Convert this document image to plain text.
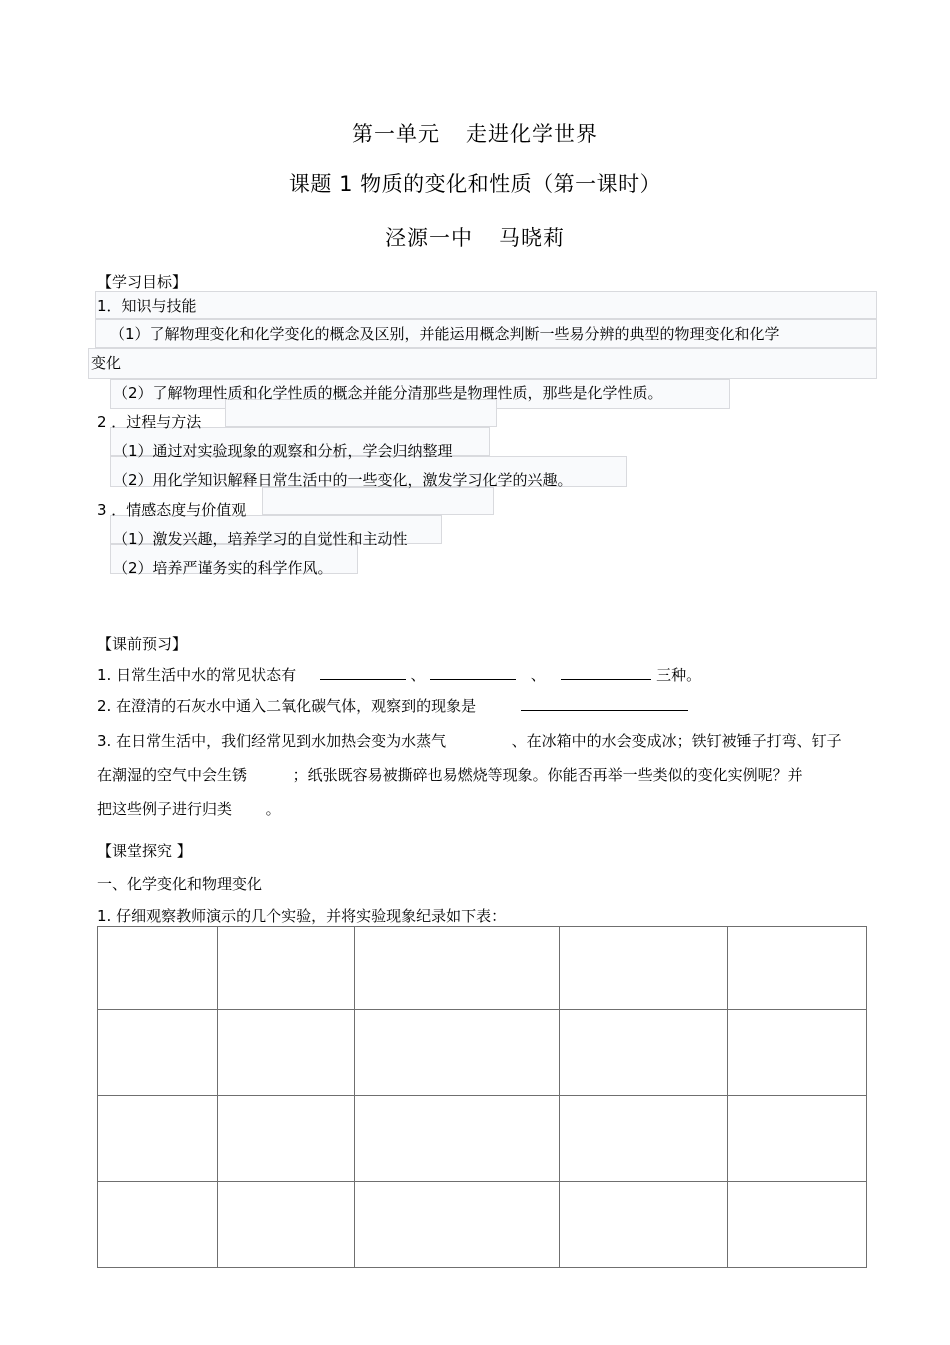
第一单元 走进化学世界
课题 1 物质的变化和性质（第一课时）
泾源一中 马晓莉
【学习目标】
1．知识与技能
（1）了解物理变化和化学变化的概念及区别，并能运用概念判断一些易分辨的典型的物理变化和化学
变化
（2）了解物理性质和化学性质的概念并能分清那些是物理性质，那些是化学性质。
2 ．过程与方法
（1）通过对实验现象的观察和分析，学会归纳整理
（2）用化学知识解释日常生活中的一些变化，激发学习化学的兴趣。
3 ．情感态度与价值观
（1）激发兴趣，培养学习的自觉性和主动性
（2）培养严谨务实的科学作风。
【课前预习】
1. 日常生活中水的常见状态有	、	、	三种。
2. 在澄清的石灰水中通入二氧化碳气体，观察到的现象是
3. 在日常生活中，我们经常见到水加热会变为水蒸气	、在冰箱中的水会变成冰；铁钉被锤子打弯、钉子
在潮湿的空气中会生锈	；纸张既容易被撕碎也易燃烧等现象。你能否再举一些类似的变化实例呢？并
把这些例子进行归类 。
【课堂探究 】
一、化学变化和物理变化
1. 仔细观察教师演示的几个实验，并将实验现象纪录如下表：
